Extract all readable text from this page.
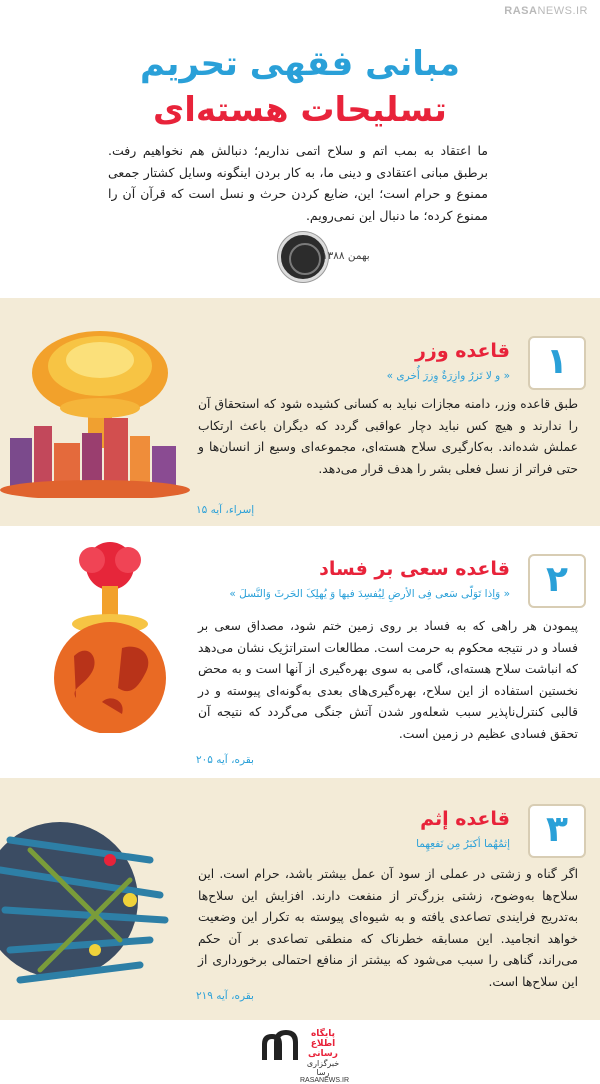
RASANEWS.IR
مبانی فقهی تحریم
تسلیحات هسته‌ای
ما اعتقاد به بمب اتم و سلاح اتمی نداریم؛ دنبالش هم نخواهیم رفت. برطبق مبانی اعتقادی و دینی ما، به کار بردن اینگونه وسایل کشتار جمعی ممنوع و حرام است؛ این، ضایع کردن حرث و نسل است که قرآن آن را ممنوع کرده؛ ما دنبال این نمی‌رویم.
بهمن ۱۳۸۸
۱
قاعده وزر
« و لا تَزرُ وازِرَةٌ وِزرَ أُخری »
طبق قاعده وزر، دامنه مجازات نباید به کسانی کشیده شود که استحقاق آن را ندارند و هیچ کس نباید دچار عواقبی گردد که دیگران باعث ارتکاب عملش شده‌اند. به‌کارگیری سلاح هسته‌ای، مجموعه‌ای وسیع از انسان‌ها و حتی فراتر از نسل فعلی بشر را هدف قرار می‌دهد.
إسراء، آیه ۱۵
۲
قاعده سعی بر فساد
« وَاِذا تَوَلّی سَعی فِی الأرضِ لِیُفسِدَ فیها وَ یُهلِکَ الحَرثَ وَالنَّسلَ »
پیمودن هر راهی که به فساد بر روی زمین ختم شود، مصداق سعی بر فساد و در نتیجه محکوم به حرمت است. مطالعات استراتژیک نشان می‌دهد که انباشت سلاح هسته‌ای، گامی به سوی بهره‌گیری از آنها است و به محض نخستین استفاده از این سلاح، بهره‌گیری‌های بعدی به‌گونه‌ای پیوسته و در قالبی کنترل‌ناپذیر سبب شعله‌ور شدن آتش جنگی می‌گردد که نتیجه آن تحقق فسادی عظیم در زمین است.
بقره، آیه ۲۰۵
۳
قاعده إثم
إثمُهُما أکبَرُ مِن نَفعِهِما
اگر گناه و زشتی در عملی از سود آن عمل بیشتر باشد، حرام است. این سلاح‌ها به‌وضوح، زشتی بزرگ‌تر از منفعت دارند. افزایش این سلاح‌ها به‌تدریج فرایندی تصاعدی یافته و به شیوه‌ای پیوسته به تکرار این وضعیت خواهد انجامید. این مسابقه خطرناک که منطقی تصاعدی بر آن حکم می‌راند، گناهی را سبب می‌شود که بیشتر از منافع احتمالی برخورداری از این سلاح‌ها است.
بقره، آیه ۲۱۹
پایگاه اطلاع رسانی
خبرگزاری رسا
RASANEWS.IR
